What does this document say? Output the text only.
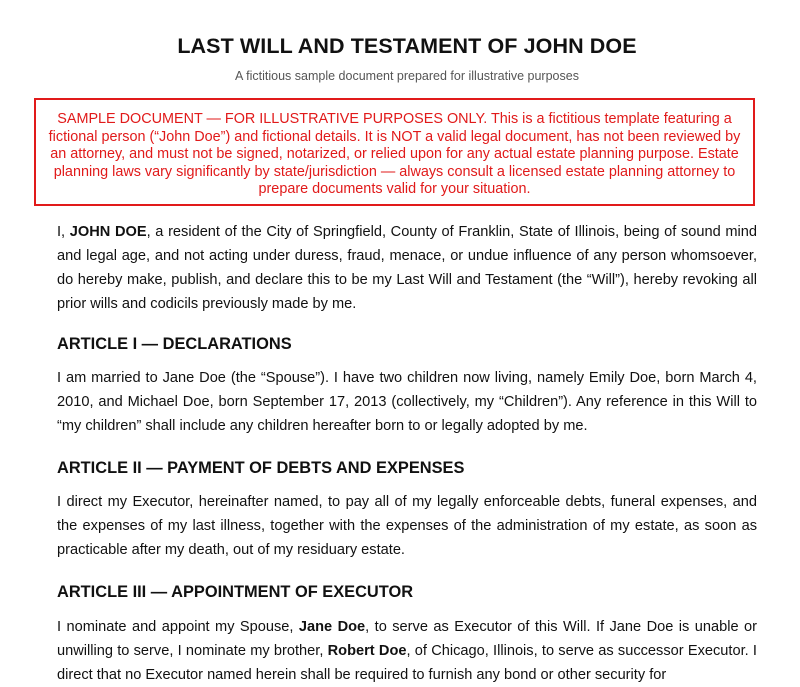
LAST WILL AND TESTAMENT OF JOHN DOE

A fictitious sample document prepared for illustrative purposes

SAMPLE DOCUMENT — FOR ILLUSTRATIVE PURPOSES ONLY. This is a fictitious template featuring a fictional person (“John Doe”) and fictional details. It is NOT a valid legal document, has not been reviewed by an attorney, and must not be signed, notarized, or relied upon for any actual estate planning purpose. Estate planning laws vary significantly by state/jurisdiction — always consult a licensed estate planning attorney to prepare documents valid for your situation.

I, JOHN DOE, a resident of the City of Springfield, County of Franklin, State of Illinois, being of sound mind and legal age, and not acting under duress, fraud, menace, or undue influence of any person whomsoever, do hereby make, publish, and declare this to be my Last Will and Testament (the “Will”), hereby revoking all prior wills and codicils previously made by me.

ARTICLE I — DECLARATIONS

I am married to Jane Doe (the “Spouse”). I have two children now living, namely Emily Doe, born March 4, 2010, and Michael Doe, born September 17, 2013 (collectively, my “Children”). Any reference in this Will to “my children” shall include any children hereafter born to or legally adopted by me.

ARTICLE II — PAYMENT OF DEBTS AND EXPENSES

I direct my Executor, hereinafter named, to pay all of my legally enforceable debts, funeral expenses, and the expenses of my last illness, together with the expenses of the administration of my estate, as soon as practicable after my death, out of my residuary estate.

ARTICLE III — APPOINTMENT OF EXECUTOR

I nominate and appoint my Spouse, Jane Doe, to serve as Executor of this Will. If Jane Doe is unable or unwilling to serve, I nominate my brother, Robert Doe, of Chicago, Illinois, to serve as successor Executor. I direct that no Executor named herein shall be required to furnish any bond or other security for
